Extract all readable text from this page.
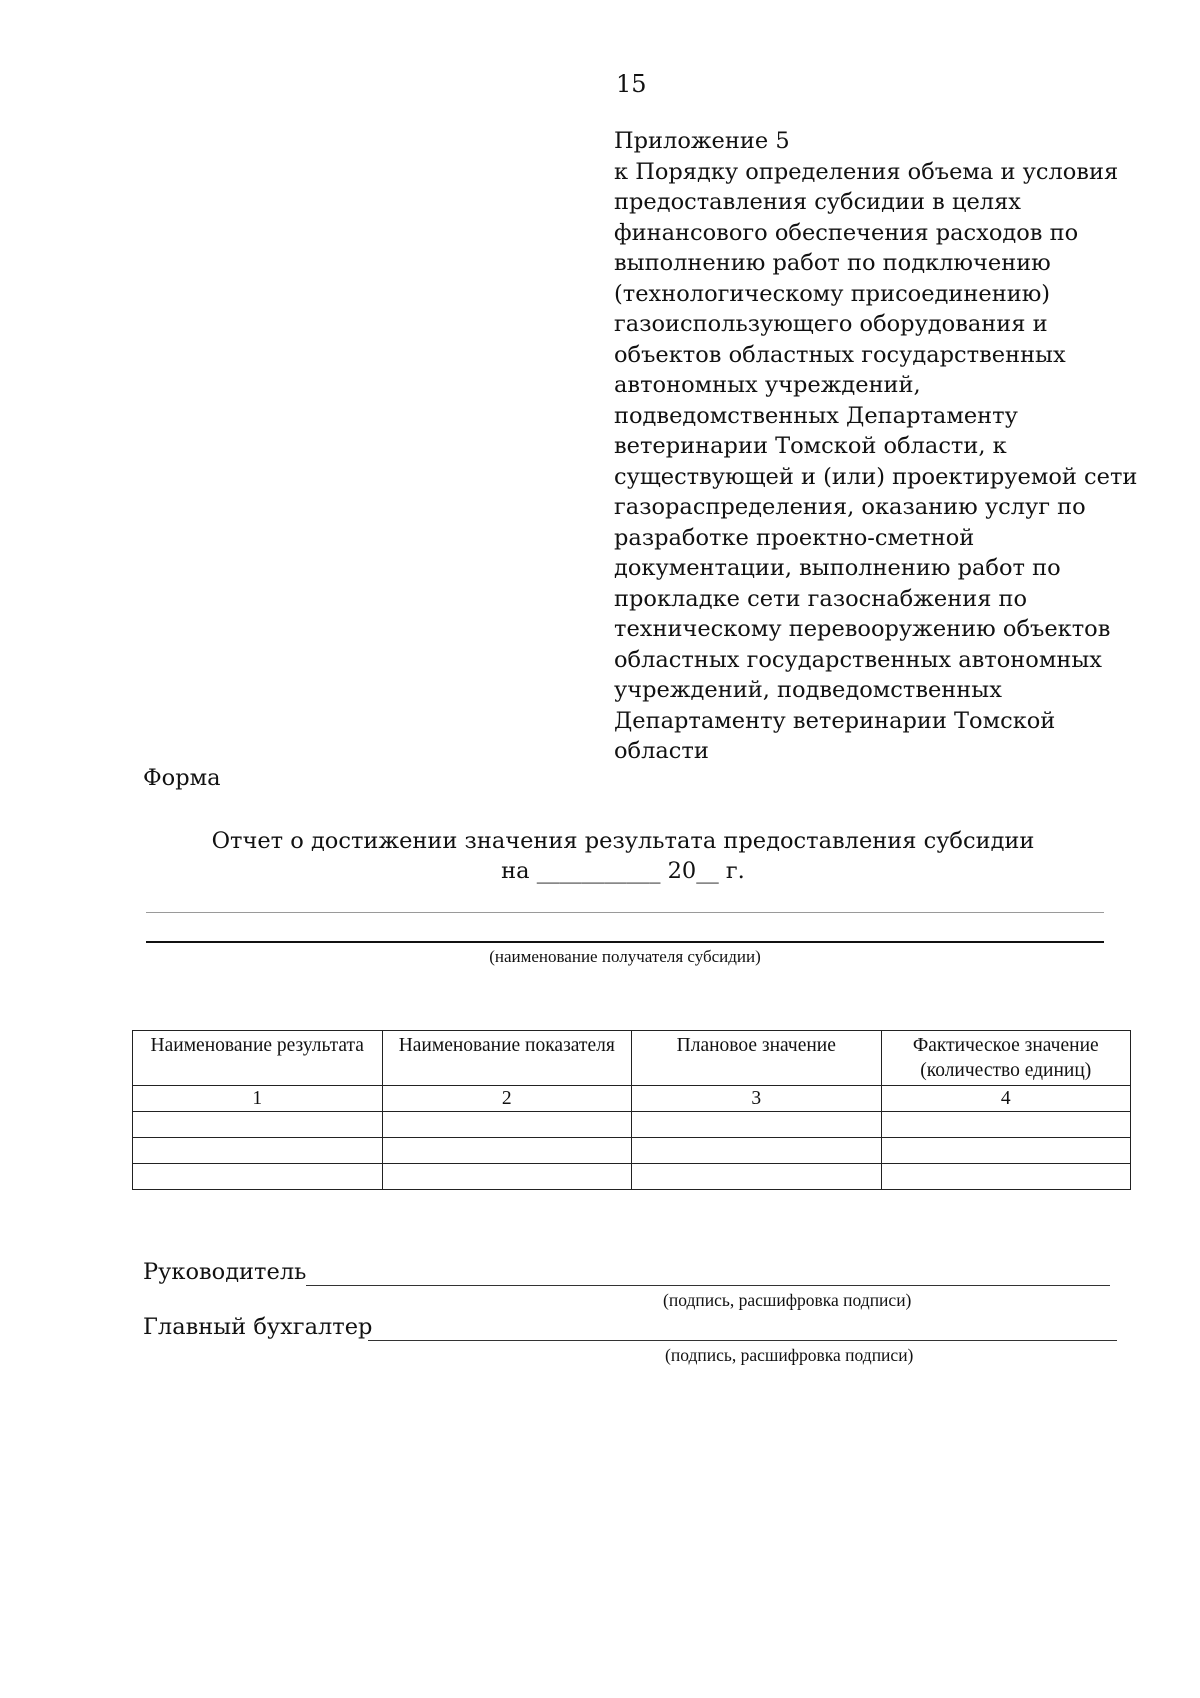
15
Приложение 5
к Порядку определения объема и условия
предоставления субсидии в целях
финансового обеспечения расходов по
выполнению работ по подключению
(технологическому присоединению)
газоиспользующего оборудования и
объектов областных государственных
автономных учреждений,
подведомственных Департаменту
ветеринарии Томской области, к
существующей и (или) проектируемой сети
газораспределения, оказанию услуг по
разработке проектно-сметной
документации, выполнению работ по
прокладке сети газоснабжения по
техническому перевооружению объектов
областных государственных автономных
учреждений, подведомственных
Департаменту ветеринарии Томской
области
Форма
Отчет о достижении значения результата предоставления субсидии
на ___________ 20__ г.
(наименование получателя субсидии)
Наименование результата	Наименование показателя	Плановое значение	Фактическое значение (количество единиц)
1	2	3	4

Руководитель
(подпись, расшифровка подписи)
Главный бухгалтер
(подпись, расшифровка подписи)
